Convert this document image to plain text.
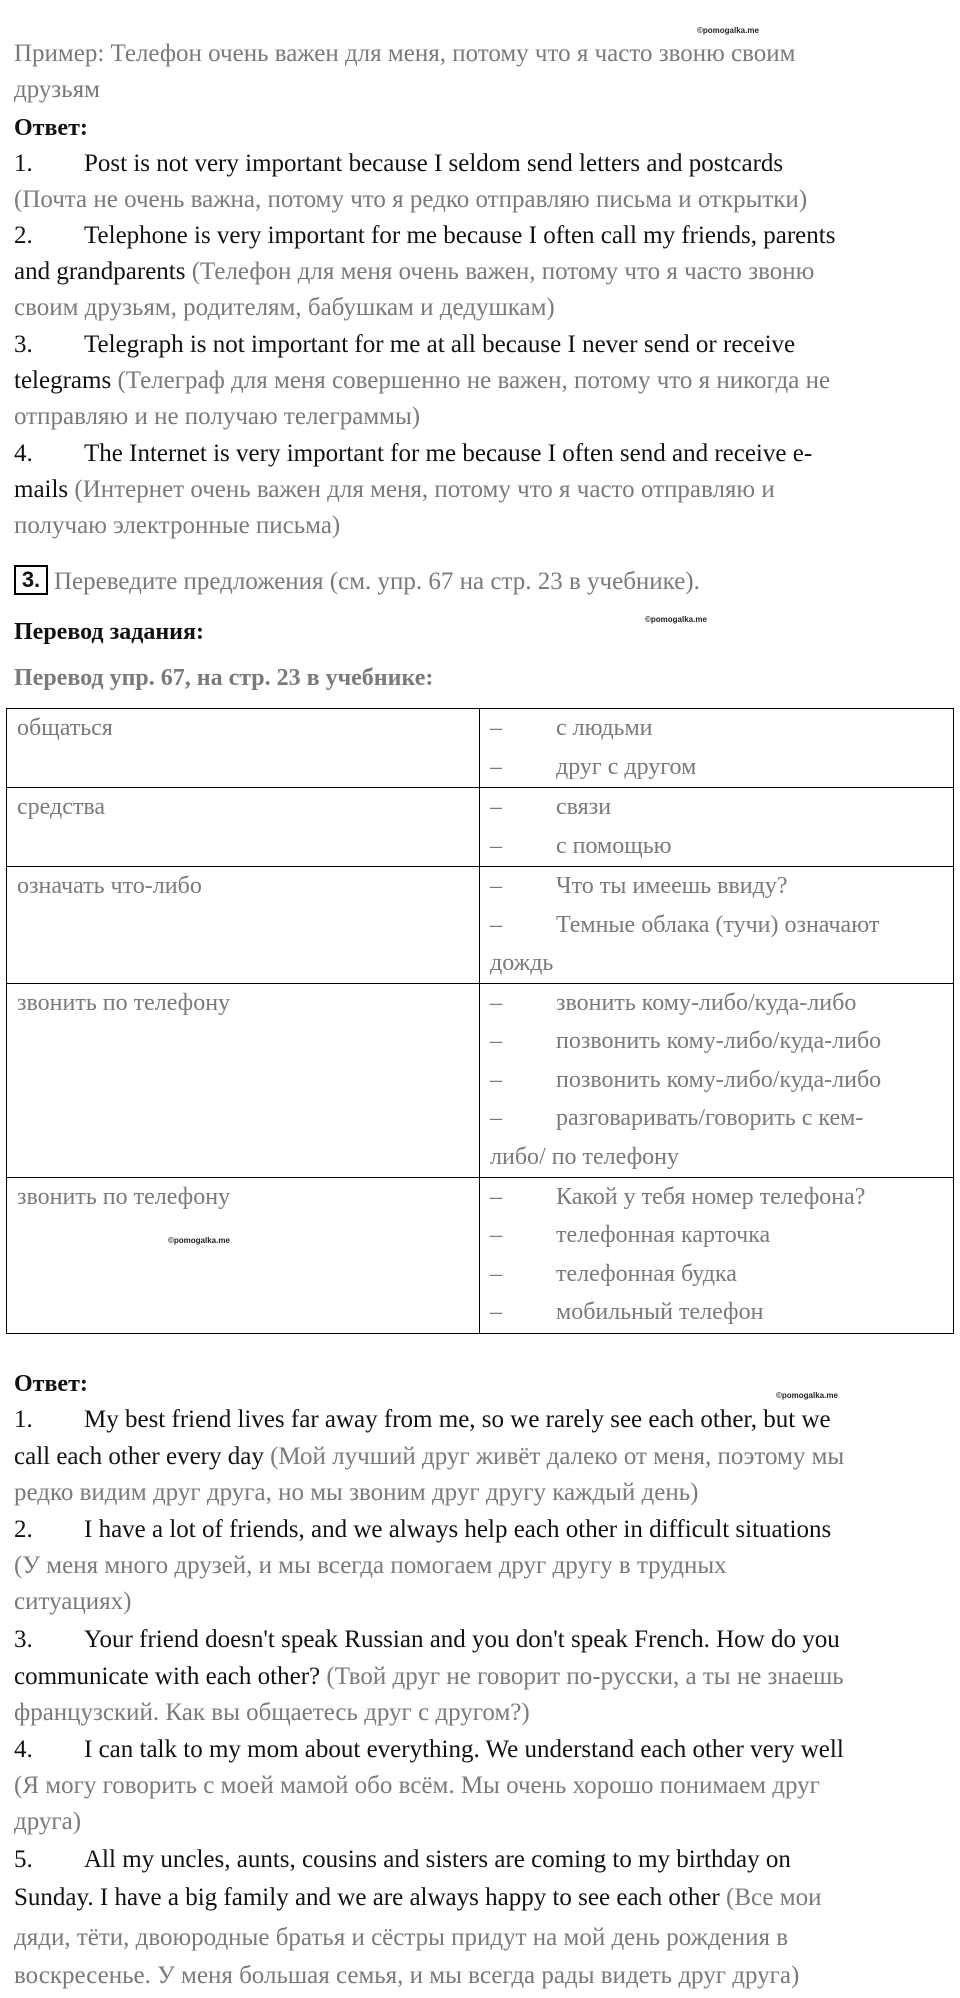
©pomogalka.me
©pomogalka.me
©pomogalka.me
©pomogalka.me
Пример: Телефон очень важен для меня, потому что я часто звоню своим
друзьям
Ответ:
1. Post is not very important because I seldom send letters and postcards
(Почта не очень важна, потому что я редко отправляю письма и открытки)
2. Telephone is very important for me because I often call my friends, parents
and grandparents (Телефон для меня очень важен, потому что я часто звоню
своим друзьям, родителям, бабушкам и дедушкам)
3. Telegraph is not important for me at all because I never send or receive
telegrams (Телеграф для меня совершенно не важен, потому что я никогда не
отправляю и не получаю телеграммы)
4. The Internet is very important for me because I often send and receive e-
mails (Интернет очень важен для меня, потому что я часто отправляю и
получаю электронные письма)
3. Переведите предложения (см. упр. 67 на стр. 23 в учебнике).
Перевод задания:
Перевод упр. 67, на стр. 23 в учебнике:
общаться	– с людьми
– друг с другом

средства	– связи
– с помощью

означать что-либо	– Что ты имеешь ввиду?
– Темные облака (тучи) означают
дождь

звонить по телефону	– звонить кому-либо/куда-либо
– позвонить кому-либо/куда-либо
– позвонить кому-либо/куда-либо
– разговаривать/говорить с кем-
либо/ по телефону

звонить по телефону	– Какой у тебя номер телефона?
– телефонная карточка
– телефонная будка
– мобильный телефон
Ответ:
1. My best friend lives far away from me, so we rarely see each other, but we
call each other every day (Мой лучший друг живёт далеко от меня, поэтому мы
редко видим друг друга, но мы звоним друг другу каждый день)
2. I have a lot of friends, and we always help each other in difficult situations
(У меня много друзей, и мы всегда помогаем друг другу в трудных
ситуациях)
3. Your friend doesn't speak Russian and you don't speak French. How do you
communicate with each other? (Твой друг не говорит по-русски, а ты не знаешь
французский. Как вы общаетесь друг с другом?)
4. I can talk to my mom about everything. We understand each other very well
(Я могу говорить с моей мамой обо всём. Мы очень хорошо понимаем друг
друга)
5. All my uncles, aunts, cousins and sisters are coming to my birthday on
Sunday. I have a big family and we are always happy to see each other (Все мои
дяди, тёти, двоюродные братья и сёстры придут на мой день рождения в
воскресенье. У меня большая семья, и мы всегда рады видеть друг друга)
